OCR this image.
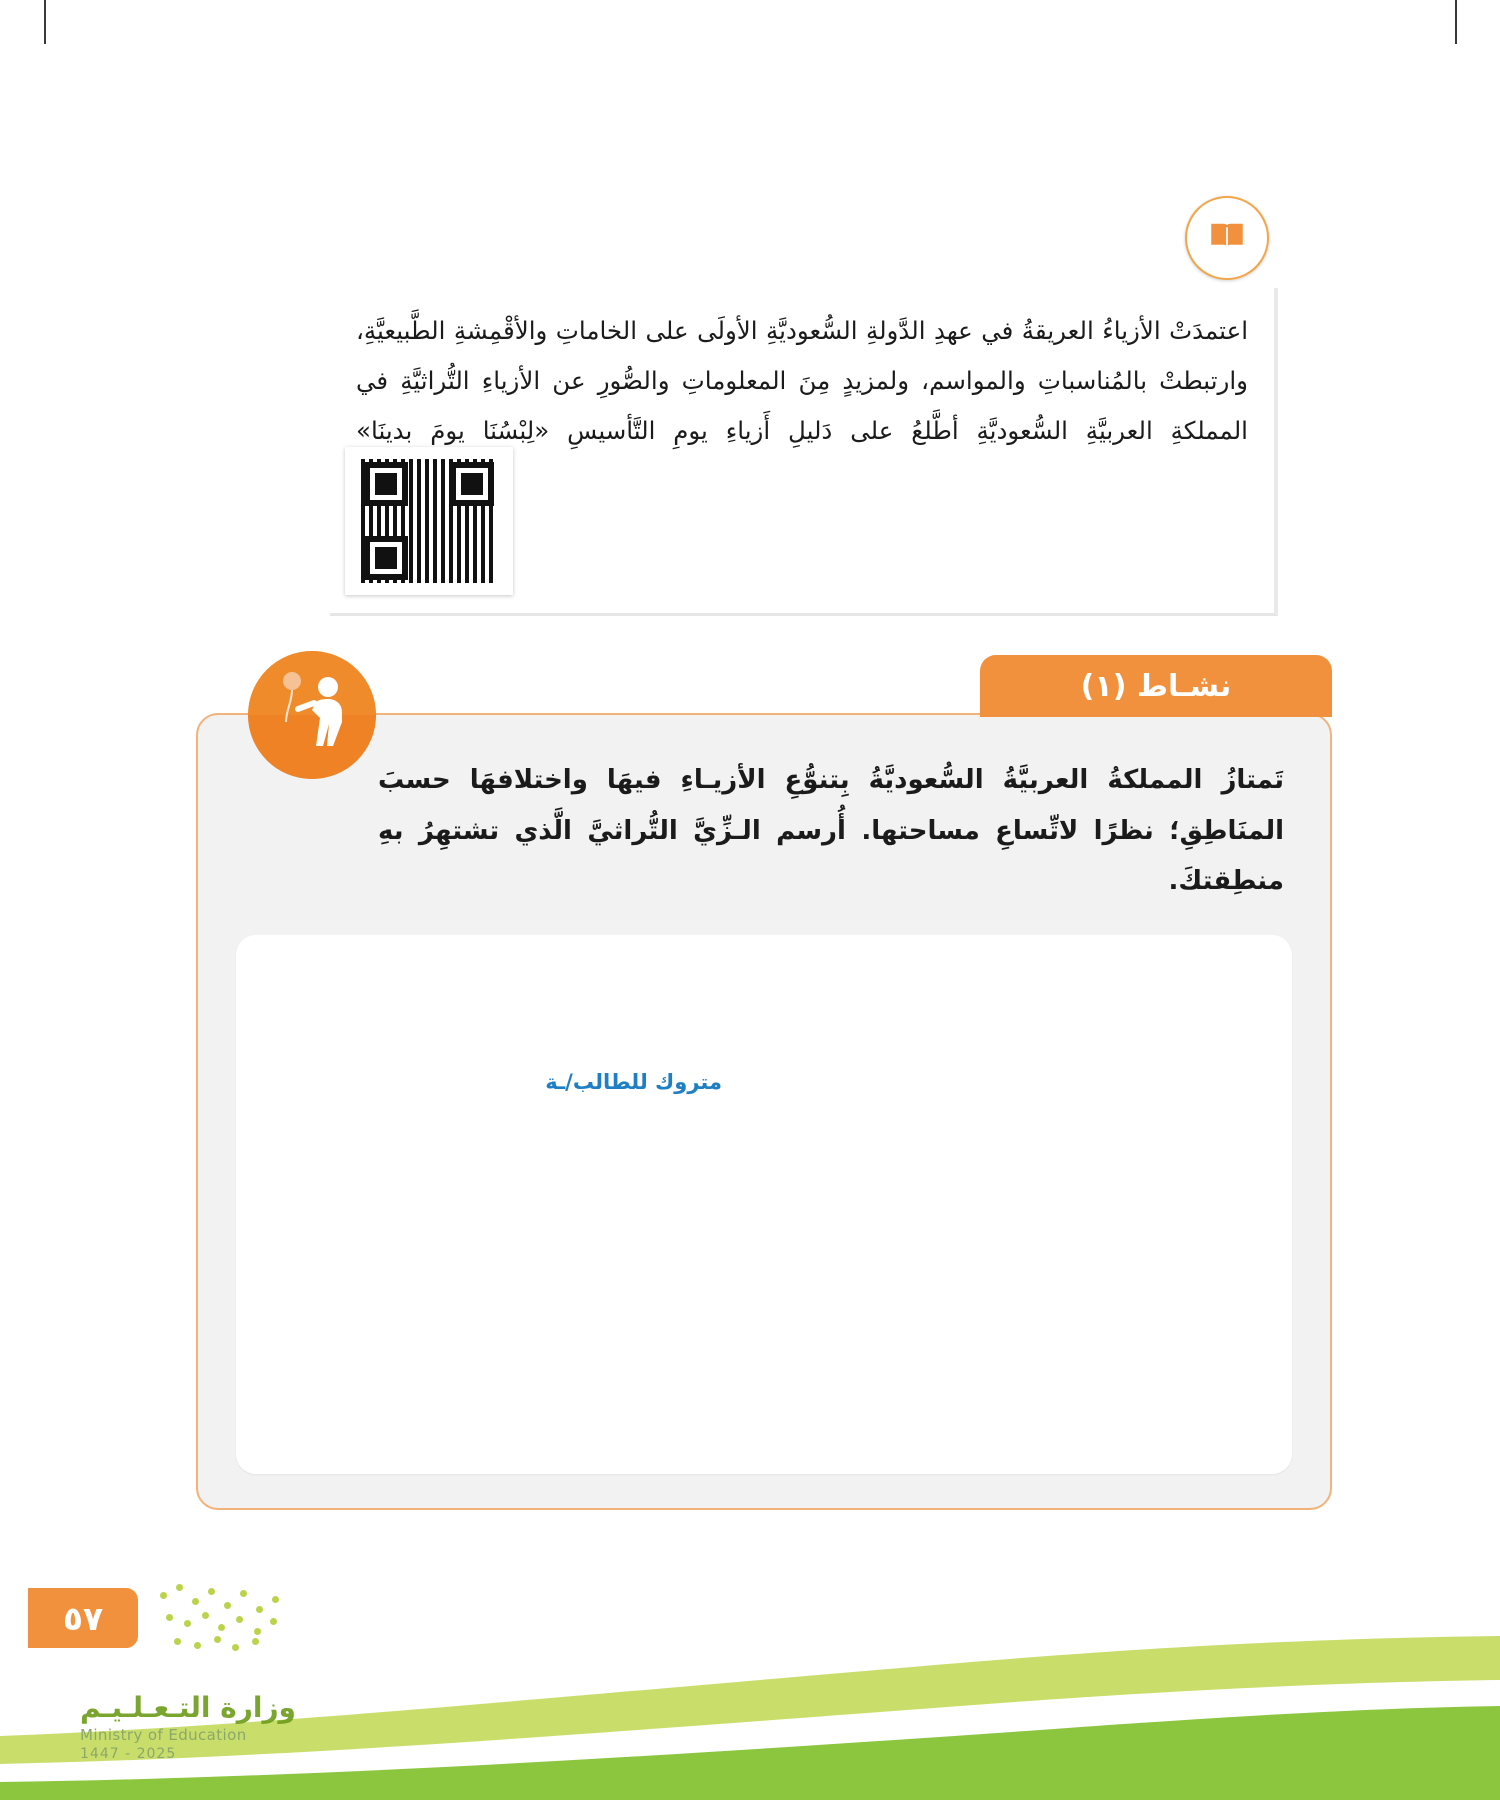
اعتمدَتْ الأزياءُ العريقةُ في عهدِ الدَّولةِ السُّعوديَّةِ الأولَى على الخاماتِ والأقْمِشةِ الطَّبيعيَّةِ، وارتبطتْ بالمُناسباتِ والمواسم، ولمزيدٍ مِنَ المعلوماتِ والصُّورِ عن الأزياءِ التُّراثيَّةِ في المملكةِ العربيَّةِ السُّعوديَّةِ أطَّلعُ على دَليلِ أَزياءِ يومِ التَّأسيسِ «لِبْسُنَا يومَ بدينَا»
نشـاط (١)
تَمتازُ المملكةُ العربيَّةُ السُّعوديَّةُ بِتنوُّعِ الأزيـاءِ فيهَا واختلافهَا حسبَ المنَاطِقِ؛ نظرًا لاتِّساعِ مساحتها. أُرسم الـزِّيَّ التُّراثيَّ الَّذي تشتهِرُ بهِ منطِقتكَ.
متروك للطالب/ـة
٥٧
وزارة التـعـلـيـم
Ministry of Education
2025 - 1447
